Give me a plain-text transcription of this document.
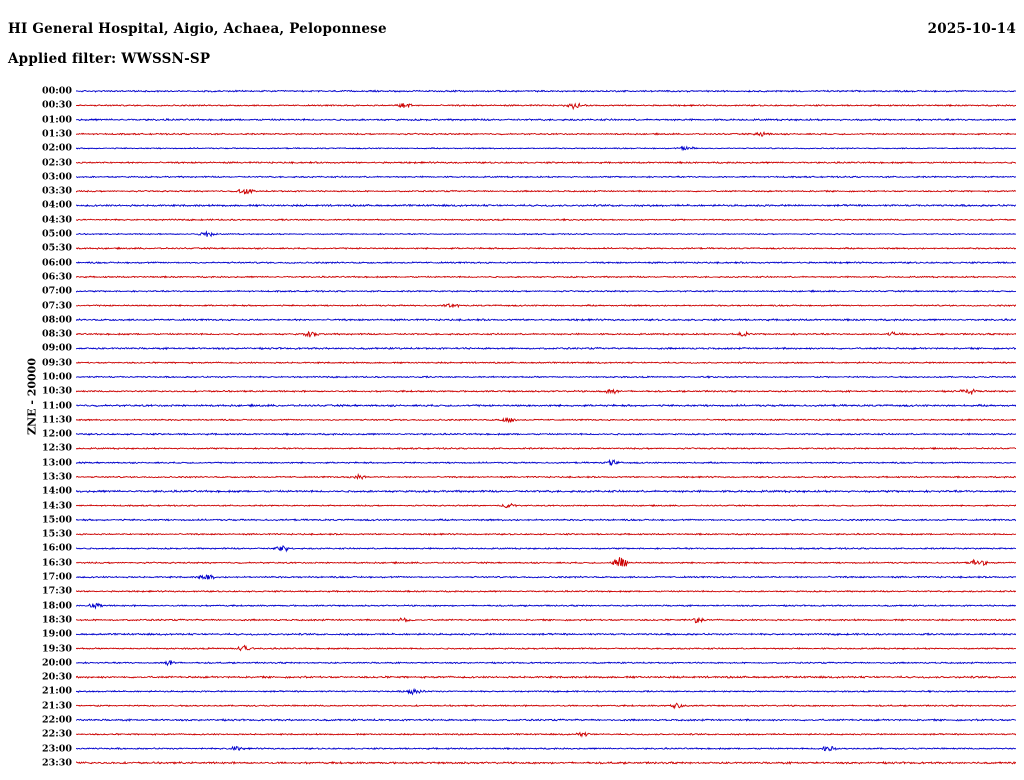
HI General Hospital, Aigio, Achaea, Peloponnese	2025-10-14
Applied filter: WWSSN-SP
ZNE - 20000
00:00
00:30
01:00
01:30
02:00
02:30
03:00
03:30
04:00
04:30
05:00
05:30
06:00
06:30
07:00
07:30
08:00
08:30
09:00
09:30
10:00
10:30
11:00
11:30
12:00
12:30
13:00
13:30
14:00
14:30
15:00
15:30
16:00
16:30
17:00
17:30
18:00
18:30
19:00
19:30
20:00
20:30
21:00
21:30
22:00
22:30
23:00
23:30
